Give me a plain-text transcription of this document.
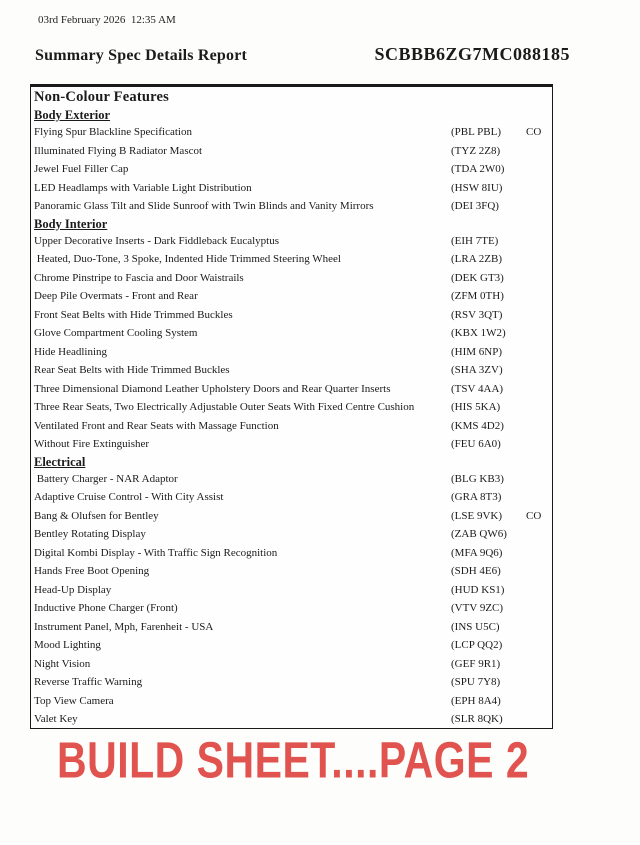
03rd February 2026  12:35 AM
Summary Spec Details Report	SCBBB6ZG7MC088185
Non-Colour Features
Body Exterior
Flying Spur Blackline Specification	(PBL PBL)	CO
Illuminated Flying B Radiator Mascot	(TYZ 2Z8)
Jewel Fuel Filler Cap	(TDA 2W0)
LED Headlamps with Variable Light Distribution	(HSW 8IU)
Panoramic Glass Tilt and Slide Sunroof with Twin Blinds and Vanity Mirrors	(DEI 3FQ)
Body Interior
Upper Decorative Inserts - Dark Fiddleback Eucalyptus	(EIH 7TE)
Heated, Duo-Tone, 3 Spoke, Indented Hide Trimmed Steering Wheel	(LRA 2ZB)
Chrome Pinstripe to Fascia and Door Waistrails	(DEK GT3)
Deep Pile Overmats - Front and Rear	(ZFM 0TH)
Front Seat Belts with Hide Trimmed Buckles	(RSV 3QT)
Glove Compartment Cooling System	(KBX 1W2)
Hide Headlining	(HIM 6NP)
Rear Seat Belts with Hide Trimmed Buckles	(SHA 3ZV)
Three Dimensional Diamond Leather Upholstery Doors and Rear Quarter Inserts	(TSV 4AA)
Three Rear Seats, Two Electrically Adjustable Outer Seats With Fixed Centre Cushion	(HIS 5KA)
Ventilated Front and Rear Seats with Massage Function	(KMS 4D2)
Without Fire Extinguisher	(FEU 6A0)
Electrical
Battery Charger - NAR Adaptor	(BLG KB3)
Adaptive Cruise Control - With City Assist	(GRA 8T3)
Bang & Olufsen for Bentley	(LSE 9VK)	CO
Bentley Rotating Display	(ZAB QW6)
Digital Kombi Display - With Traffic Sign Recognition	(MFA 9Q6)
Hands Free Boot Opening	(SDH 4E6)
Head-Up Display	(HUD KS1)
Inductive Phone Charger (Front)	(VTV 9ZC)
Instrument Panel, Mph, Farenheit - USA	(INS U5C)
Mood Lighting	(LCP QQ2)
Night Vision	(GEF 9R1)
Reverse Traffic Warning	(SPU 7Y8)
Top View Camera	(EPH 8A4)
Valet Key	(SLR 8QK)
BUILD SHEET....PAGE 2
